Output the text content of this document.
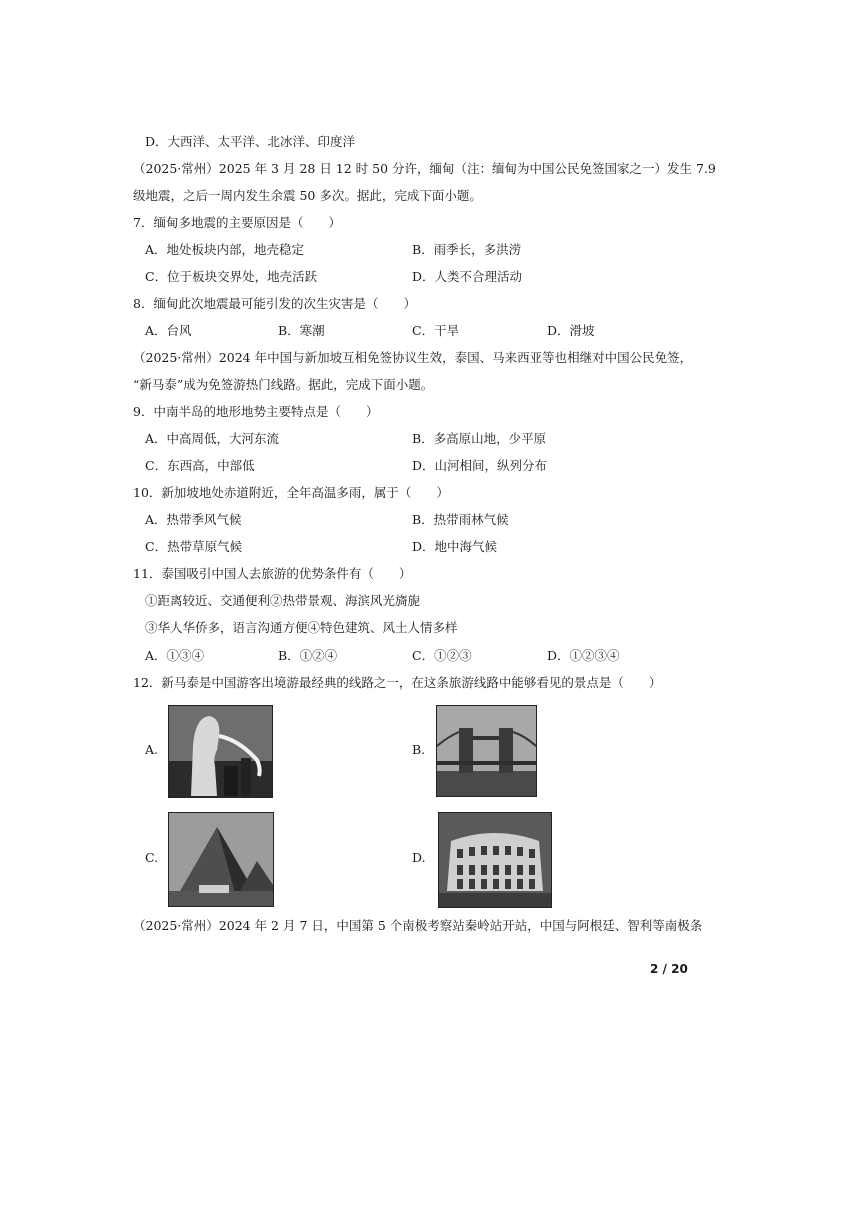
D．大西洋、太平洋、北冰洋、印度洋
（2025·常州）2025 年 3 月 28 日 12 时 50 分许，缅甸（注：缅甸为中国公民免签国家之一）发生 7.9
级地震，之后一周内发生余震 50 多次。据此，完成下面小题。
7．缅甸多地震的主要原因是（　　）
A．地处板块内部，地壳稳定	B．雨季长，多洪涝
C．位于板块交界处，地壳活跃	D．人类不合理活动
8．缅甸此次地震最可能引发的次生灾害是（　　）
A．台风	B．寒潮	C．干旱	D．滑坡
（2025·常州）2024 年中国与新加坡互相免签协议生效，泰国、马来西亚等也相继对中国公民免签，
“新马泰”成为免签游热门线路。据此，完成下面小题。
9．中南半岛的地形地势主要特点是（　　）
A．中高周低，大河东流	B．多高原山地，少平原
C．东西高，中部低	D．山河相间，纵列分布
10．新加坡地处赤道附近，全年高温多雨，属于（　　）
A．热带季风气候	B．热带雨林气候
C．热带草原气候	D．地中海气候
11．泰国吸引中国人去旅游的优势条件有（　　）
①距离较近、交通便利②热带景观、海滨风光旖旎
③华人华侨多，语言沟通方便④特色建筑、风土人情多样
A．①③④	B．①②④	C．①②③	D．①②③④
12．新马泰是中国游客出境游最经典的线路之一，在这条旅游线路中能够看见的景点是（　　）
A.	B.
C.	D.
（2025·常州）2024 年 2 月 7 日，中国第 5 个南极考察站秦岭站开站，中国与阿根廷、智利等南极条
2 / 20
